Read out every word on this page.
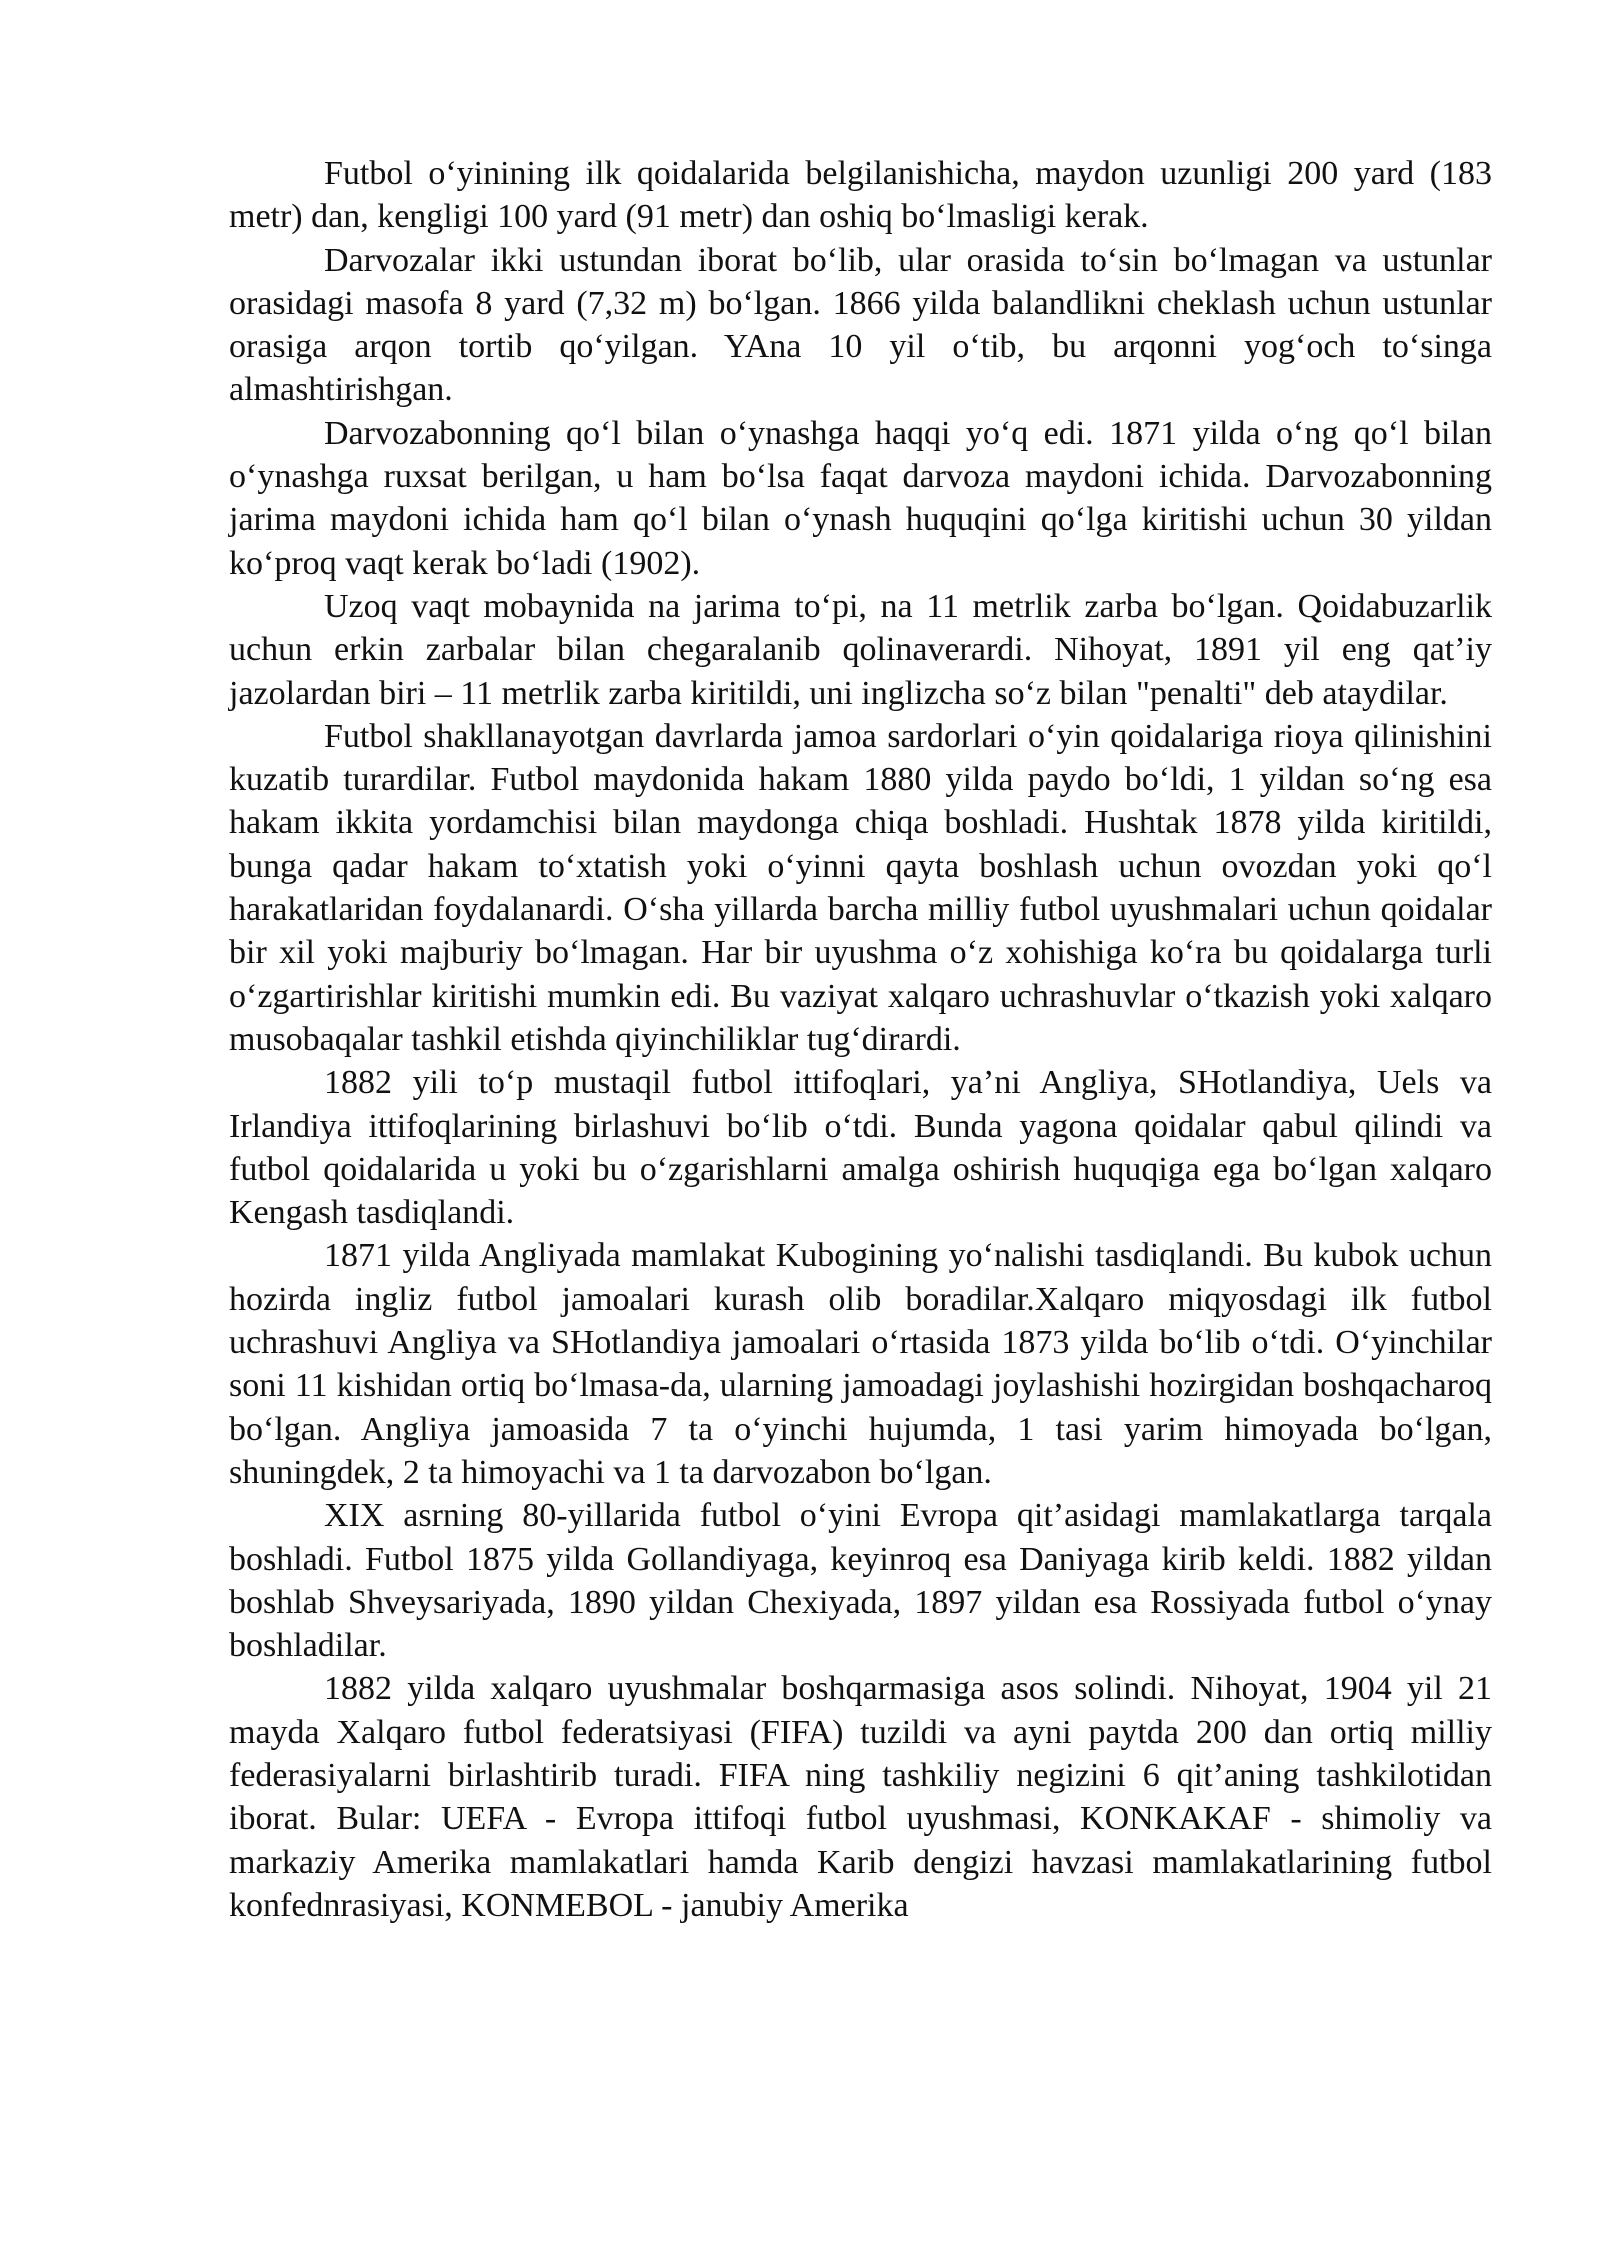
Futbol oʻyinining ilk qoidalarida belgilanishicha, maydon uzunligi 200 yard (183 metr) dan, kengligi 100 yard (91 metr) dan oshiq boʻlmasligi kerak.

Darvozalar ikki ustundan iborat boʻlib, ular orasida toʻsin boʻlmagan va ustunlar orasidagi masofa 8 yard (7,32 m) boʻlgan. 1866 yilda balandlikni cheklash uchun ustunlar orasiga arqon tortib qoʻyilgan. YAna 10 yil oʻtib, bu arqonni yogʻoch toʻsinga almashtirishgan.

Darvozabonning qoʻl bilan oʻynashga haqqi yoʻq edi. 1871 yilda oʻng qoʻl bilan oʻynashga ruxsat berilgan, u ham boʻlsa faqat darvoza maydoni ichida. Darvozabonning jarima maydoni ichida ham qoʻl bilan oʻynash huquqini qoʻlga kiritishi uchun 30 yildan koʻproq vaqt kerak boʻladi (1902).

Uzoq vaqt mobaynida na jarima toʻpi, na 11 metrlik zarba boʻlgan. Qoidabuzarlik uchun erkin zarbalar bilan chegaralanib qolinaverardi. Nihoyat, 1891 yil eng qat’iy jazolardan biri – 11 metrlik zarba kiritildi, uni inglizcha soʻz bilan "penalti" deb ataydilar.

Futbol shakllanayotgan davrlarda jamoa sardorlari oʻyin qoidalariga rioya qilinishini kuzatib turardilar. Futbol maydonida hakam 1880 yilda paydo boʻldi, 1 yildan soʻng esa hakam ikkita yordamchisi bilan maydonga chiqa boshladi. Hushtak 1878 yilda kiritildi, bunga qadar hakam toʻxtatish yoki oʻyinni qayta boshlash uchun ovozdan yoki qoʻl harakatlaridan foydalanardi. Oʻsha yillarda barcha milliy futbol uyushmalari uchun qoidalar bir xil yoki majburiy boʻlmagan. Har bir uyushma oʻz xohishiga koʻra bu qoidalarga turli oʻzgartirishlar kiritishi mumkin edi. Bu vaziyat xalqaro uchrashuvlar oʻtkazish yoki xalqaro musobaqalar tashkil etishda qiyinchiliklar tugʻdirardi.

1882 yili toʻp mustaqil futbol ittifoqlari, ya’ni Angliya, SHotlandiya, Uels va Irlandiya ittifoqlarining birlashuvi boʻlib oʻtdi. Bunda yagona qoidalar qabul qilindi va futbol qoidalarida u yoki bu oʻzgarishlarni amalga oshirish huquqiga ega boʻlgan xalqaro Kengash tasdiqlandi.

1871 yilda Angliyada mamlakat Kubogining yoʻnalishi tasdiqlandi. Bu kubok uchun hozirda ingliz futbol jamoalari kurash olib boradilar.Xalqaro miqyosdagi ilk futbol uchrashuvi Angliya va SHotlandiya jamoalari oʻrtasida 1873 yilda boʻlib oʻtdi. Oʻyinchilar soni 11 kishidan ortiq boʻlmasa-da, ularning jamoadagi joylashishi hozirgidan boshqacharoq boʻlgan. Angliya jamoasida 7 ta oʻyinchi hujumda, 1 tasi yarim himoyada boʻlgan, shuningdek, 2 ta himoyachi va 1 ta darvozabon boʻlgan.

XIX asrning 80-yillarida futbol oʻyini Evropa qit’asidagi mamlakatlarga tarqala boshladi. Futbol 1875 yilda Gollandiyaga, keyinroq esa Daniyaga kirib keldi. 1882 yildan boshlab Shveysariyada, 1890 yildan Chexiyada, 1897 yildan esa Rossiyada futbol oʻynay boshladilar.

1882 yilda xalqaro uyushmalar boshqarmasiga asos solindi. Nihoyat, 1904 yil 21 mayda Xalqaro futbol federatsiyasi (FIFA) tuzildi va ayni paytda 200 dan ortiq milliy federasiyalarni birlashtirib turadi. FIFA ning tashkiliy negizini 6 qit’aning tashkilotidan iborat. Bular: UEFA - Evropa ittifoqi futbol uyushmasi, KONKAKAF - shimoliy va markaziy Amerika mamlakatlari hamda Karib dengizi havzasi mamlakatlarining futbol konfednrasiyasi, KONMEBOL - janubiy Amerika
